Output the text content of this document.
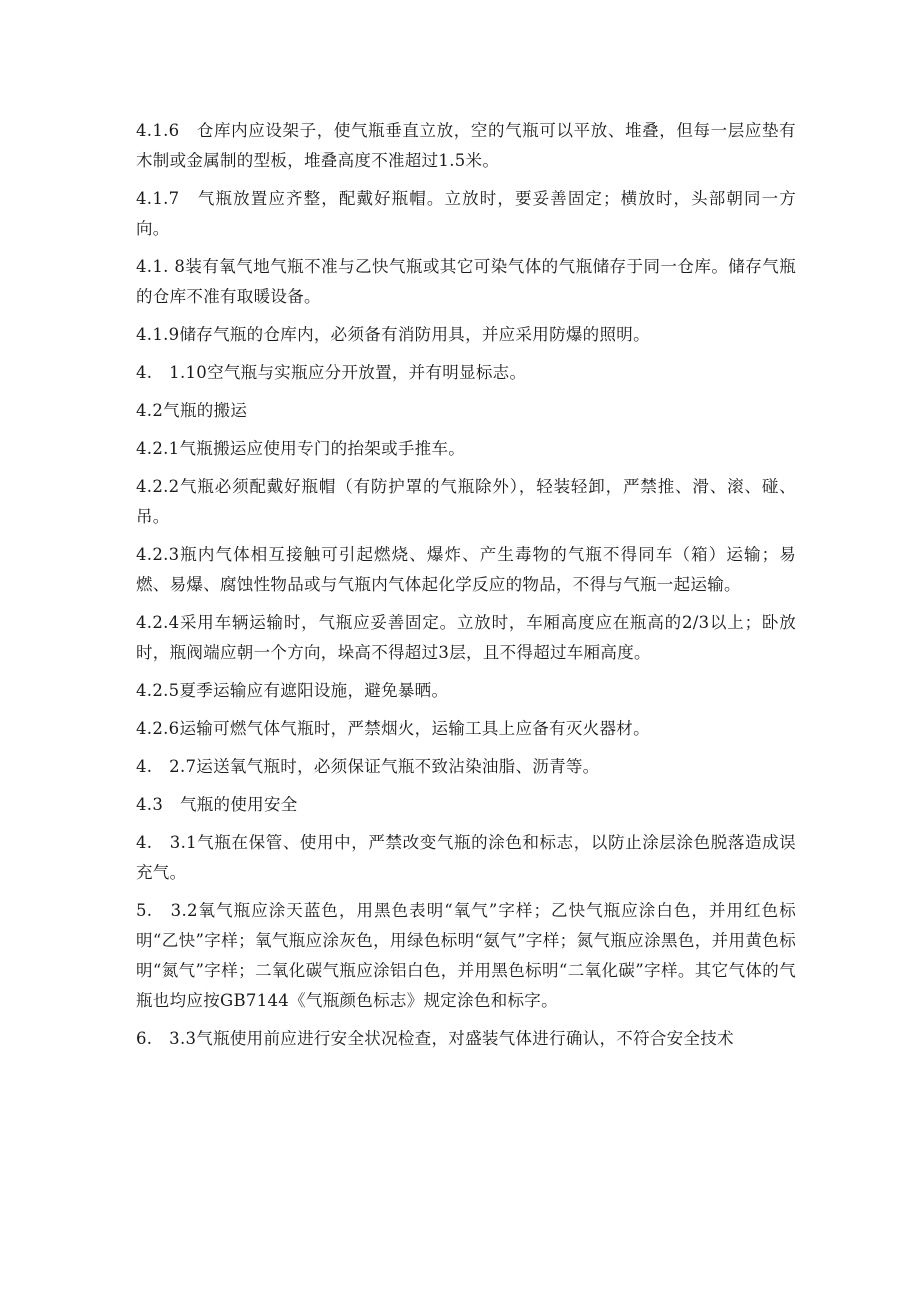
4.1.6　仓库内应设架子，使气瓶垂直立放，空的气瓶可以平放、堆叠，但每一层应垫有木制或金属制的型板，堆叠高度不准超过1.5米。

4.1.7　气瓶放置应齐整，配戴好瓶帽。立放时，要妥善固定；横放时，头部朝同一方向。

4.1. 8装有氧气地气瓶不准与乙快气瓶或其它可染气体的气瓶储存于同一仓库。储存气瓶的仓库不准有取暖设备。

4.1.9储存气瓶的仓库内，必须备有消防用具，并应采用防爆的照明。

4.　1.10空气瓶与实瓶应分开放置，并有明显标志。

4.2气瓶的搬运

4.2.1气瓶搬运应使用专门的抬架或手推车。

4.2.2气瓶必须配戴好瓶帽（有防护罩的气瓶除外），轻装轻卸，严禁推、滑、滚、碰、吊。

4.2.3瓶内气体相互接触可引起燃烧、爆炸、产生毒物的气瓶不得同车（箱）运输；易燃、易爆、腐蚀性物品或与气瓶内气体起化学反应的物品，不得与气瓶一起运输。

4.2.4采用车辆运输时，气瓶应妥善固定。立放时，车厢高度应在瓶高的2/3以上；卧放时，瓶阀端应朝一个方向，垛高不得超过3层，且不得超过车厢高度。

4.2.5夏季运输应有遮阳设施，避免暴晒。

4.2.6运输可燃气体气瓶时，严禁烟火，运输工具上应备有灭火器材。

4.　2.7运送氧气瓶时，必须保证气瓶不致沾染油脂、沥青等。

4.3　气瓶的使用安全

4.　3.1气瓶在保管、使用中，严禁改变气瓶的涂色和标志，以防止涂层涂色脱落造成误充气。

5.　3.2氧气瓶应涂天蓝色，用黑色表明“氧气”字样；乙快气瓶应涂白色，并用红色标明“乙快”字样；氧气瓶应涂灰色，用绿色标明“氨气”字样；氮气瓶应涂黑色，并用黄色标明“氮气”字样；二氧化碳气瓶应涂铝白色，并用黑色标明“二氧化碳”字样。其它气体的气瓶也均应按GB7144《气瓶颜色标志》规定涂色和标字。

6.　3.3气瓶使用前应进行安全状况检查，对盛装气体进行确认，不符合安全技术
